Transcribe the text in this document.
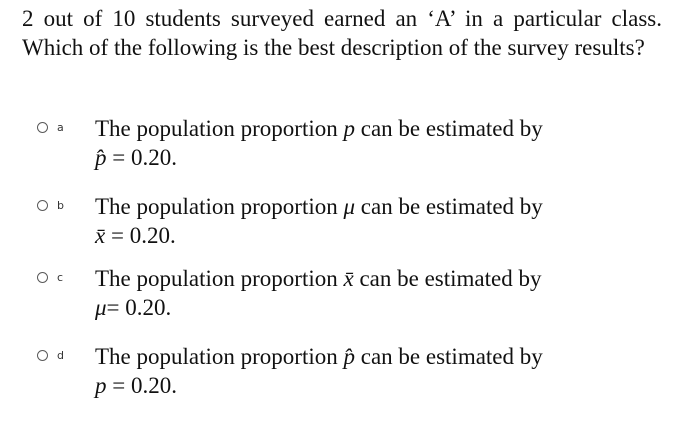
2 out of 10 students surveyed earned an ‘A’ in a particular class. Which of the following is the best description of the survey results?

a The population proportion p can be estimated by
p̂ = 0.20.
b The population proportion μ can be estimated by
x̄ = 0.20.
c The population proportion x̄ can be estimated by
μ= 0.20.
d The population proportion p̂ can be estimated by
p = 0.20.
